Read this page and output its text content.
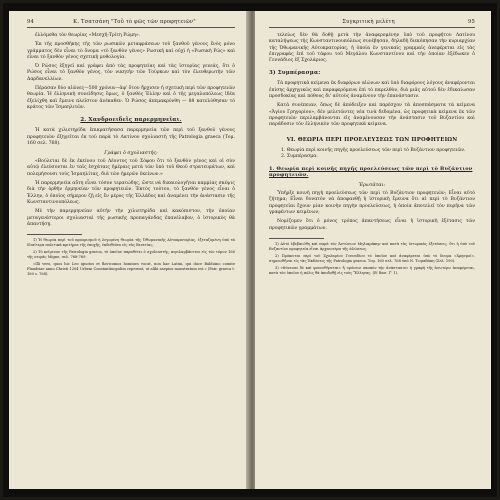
94	Κ. Τσατσάνη "Τοῦ τὸ φῶς τῶν προφητειῶν"

ἑλλόμεθα τὸν θεωρίας «Μεσχῆ-Τρίτη Ρώμη».

Ἐκ τῆς προσθήκης τῆς τῶν ρωσικῶν μεταφράσεων τοῦ ξανθοῦ γένους ἕνὸς μόνο γράμματος δὲν εἶναι τὸ ὄνομα «τὸ ξανθὸν γένος» Ρωσικὴ καὶ οὐχὶ ἡ «Ρωσικὴ Ρώς» καὶ εἶναι τὸ ξανθὸν γένος σχετικὴ μυθολογία.

Ὁ Ρώσος ἐξηγεῖ καὶ γράφει ἀπὸ τὰς προφητείας καὶ τὰς ἱστορίας γενεάς, ὅτι ὁ Ρώσος εἶναι τὸ ξανθὸν γένος, τὸν νικητὴν τῶν Τούρκων καὶ τὸν ἐλευθερωτὴν τῶν Δαρδανελλίων.

Πέρασαν δύο αἰῶνες—500 χρόνια—ἀφ' ὅτου ἤρχισεν ἡ σχετικὴ περὶ τῶν προφητειῶν θεωρία. Ἡ ἑλληνικὴ συνείδησις ὅμως, ὁ ξανθὸς Ἑλλην καὶ ὁ τῆς μεγαλοπόλεως ἰδέα ἐξελίχθη καὶ ἔμεινε πλεῖστον ἀνέκαθεν. Ὁ Ρώσος ἀπεμακρύνθη — 88 κατελύθησαν τὸ κράτος τῶν Ἰσμαηλιτῶν.

2. Χανδροειδεῖς παρερμηνεῖαι.

Ἡ κατὰ χιλιετηρίδα ἐπικρατήσασα παρερμηνεία τῶν περὶ τοῦ ξανθοῦ γένους προφητειῶν ἐξηγεῖται ἐκ τοῦ παρὰ τὸ Λατίνον σχολιαστὴ τῆς Patrologia graeca (Τομ. 160 σελ. 768).

Γράφει ὁ σχολιαστής:

«Βούλεται δὲ ἐκ ἐκείνου τοῦ Λέοντος τοῦ Σόφου ὅτι τὸ ξανθὸν γένος καὶ οἱ σὺν αὐτῷ ἐλεύσονται ἐν ταῖς ἐσχάταις ἡμέραις μετὰ τῶν ὑπὸ τοῦ Θεοῦ στρατευμάτων, καὶ πολεμήσουσι τοὺς Ἰσμαηλίτας, διὰ τῶν ἡμερῶν ἐκείνων.»

Ἡ παρερμηνεία αὕτη εἶναι τόσον τερατώδης, ὥστε νὰ δικαιολογῆται καμμίας σκέψις διὰ τὴν ὁρθὴν ἑρμηνείαν τῶν προφητειῶν. Ἐκτὸς τούτου, τὸ ξανθὸν γένος εἶναι ὁ Ἑλλην, ὁ ὁποῖος σήμερον ζῇ εἰς ἕν μέρος τῆς Ἑλλάδος καὶ ἀναμένει τὴν ἀνάστασιν τῆς Κωνσταντινουπόλεως.

Μὲ τὴν παρερμηνείαν αὐτὴν τὴν χιλιετηρίδα καὶ κακόπιστον, τὴν ὁποίαν μεταγενέστεροι σχολιασταὶ τῆς ρωσικῆς προπαγάνδας ἐπανέλαβον, ὁ ἱστορικὸς θὰ ἀπαντήσῃ.

1) Ἡ θεωρία περὶ τοῦ προορισμοῦ ἡ λεγομένη θεωρία τῆς Ὀθωμανικῆς Αὐτοκρατορίας, ἐξεταζομένη ὑπὸ τὰ ἰδιαίτερα πολιτικὰ κριτήρια τῆς ἐποχῆς, ἐκδοθεῖσα εἰς τὰς Βενετίας.

2) Τὸ κείμενον τῆς Patrologia graeca, τὸ ὁποῖον παραθέτει ὁ σχολιαστής, περιλαμβάνεται εἰς τὸν τόμον 160 τῆς σειρᾶς Migne, σελ. 768-769.

«Illi vero, quos hic Leo ignotos et flavicomos homines vocat, non hae Latini, qui duce Balduino comite Flandriae anno Christi 1204 Urbem Constantinopolim ceperunt, ut alibi saepius monstratum est.» (Patr. graeca t. 160 s. 768).

Συγκριτικὴ μελέτη	95

τελείως δὲν θὰ δοθῇ μετὰ τὴν ἀναφερομένην ὑπὸ τοῦ προφήτου Λατίνου καταλήψεως τῆς Κωνσταντινουπόλεως συνέβησαν, δηλαδὴ διεκόπησαν τὴν κυριαρχίαν τῆς Ὀθωμανικῆς Αὐτοκρατορίας, ἡ ὁποία ἐν γενικαῖς γραμμαῖς ἀνεφέρεται εἰς τὰς ἐπιγραφὰς ἐπὶ τοῦ τάφου τοῦ Μεγάλου Κωνσταντίνου καὶ τὴν ὁποίαν ἐξέδωκεν ὁ Γεννάδιος ἐξ Σχολάριος.

3) Συμπέρασμα:

Τὰ προφητικὰ κείμενα ἐκ διαφόρων αἰώνων καὶ ὑπὸ διαφόρους λόγους ἀναφέρονται ἐπίσης ἀρχηγικῶς καὶ παραφερόμενα ἐπὶ τὸ παρελθὸν, διὰ μιᾶς αὐτοῦ δὲν ἐδικαίωσαν προσδοκίας καὶ πόθους δι' αὐτοὺς ἀναμένουν τὴν ἐπανάστασιν.

Κατὰ συνέπειαν, ὅπως δὲ ἀπόδειξεν καὶ παρέσχον τὰ ἀποσπάσματα τὰ κείμενα «Ἁγίου Γρηγορίου», δὲν μελετῶντες νέα τινὰ δεδομένα, ὡς προφητικὰ κείμενα ἐκ τῶν προφητειῶν περιλαμβάνονται εἰς ἀναμένουσαν τὴν ἀνάστασιν τοῦ Βυζαντίου καὶ παράδοσιν τὸν ἑλληνικὸν τῶν προφητικὰ κείμενα.

VI. ΘΕΩΡΙΑ ΠΕΡΙ ΠΡΟΕΛΕΥΣΕΩΣ ΤΩΝ ΠΡΟΦΗΤΕΙΩΝ

1. Θεωρία περὶ κοινῆς πηγῆς προελεύσεως τῶν περὶ τὸ Βυζάντιον προφητειῶν.

2. Συμπέρασμα.

1. Θεωρία περὶ κοινῆς πηγῆς προελεύσεως τῶν περὶ τὸ Βυζάντιον προφητειῶν.
Ἐρωτᾶται:

Ὑπῆρξε κοινὴ πηγὴ προελεύσεως τῶν περὶ τὸ Βυζάντιον προφητειῶν; Εἶναι αὐτὸ ζήτημα; Εἶναι δυνατὸν νὰ ἀποφανθῇ ἡ ἱστορικὴ ἔρευνα ὅτι αἱ περὶ τὸ Βυζάντιον προφητεῖαι ἔχουν μίαν κοινὴν πηγὴν προελεύσεως, ἡ ὁποία ἀποτελεῖ τὸν πυρῆνα τῶν γραφέντων κειμένων;

Νομίζομεν ὅτι ὁ μόνος τρόπος ἀπαντήσεως εἶναι ἡ ἱστορικὴ ἐξέτασις τῶν προφητικῶν γραμμάτων.

1) Αὐτὸ ἐβεβαιώθη καὶ παρὰ τὸν Ἀντώνιον Μηλιαράκην καὶ κατὰ τὰς ἱστορικὰς ἐξετάσεις, ὅτι ἡ ὑπὸ τοῦ Βυζαντίου προφητεία εἶναι ἀρχαιοτέρα τῆς ἀλώσεως.

2) Πρόκειται περὶ τοῦ Σχολαρίου Γενναδίου τὸ ὁποῖον καὶ ἀναφέρεται ὑπὸ τὸ ὄνομα «Χρησμοί», σημειωθῆναι εἰς τὰς Ἐκδόσεις τῆς Patrologia graeca. Τομ. 160 σελ. 768 ὑπὸ Ν. Τωμαδάκη (Σελ. 190).

3) «Φόνευσε δὲ καὶ φονευθήσεται» ἢ «φόνευε σκοπὸν τὴν ἀνάστασιν» ἡ γραφὴ τῆς ἀνωτέρω ἀναφέρεται, κατὰ τὸν ὁποῖον ἡ πόλις θὰ ἀποδοθῇ εἰς τοὺς Ἕλληνας. (Β' Βασ. Γ' 1).
